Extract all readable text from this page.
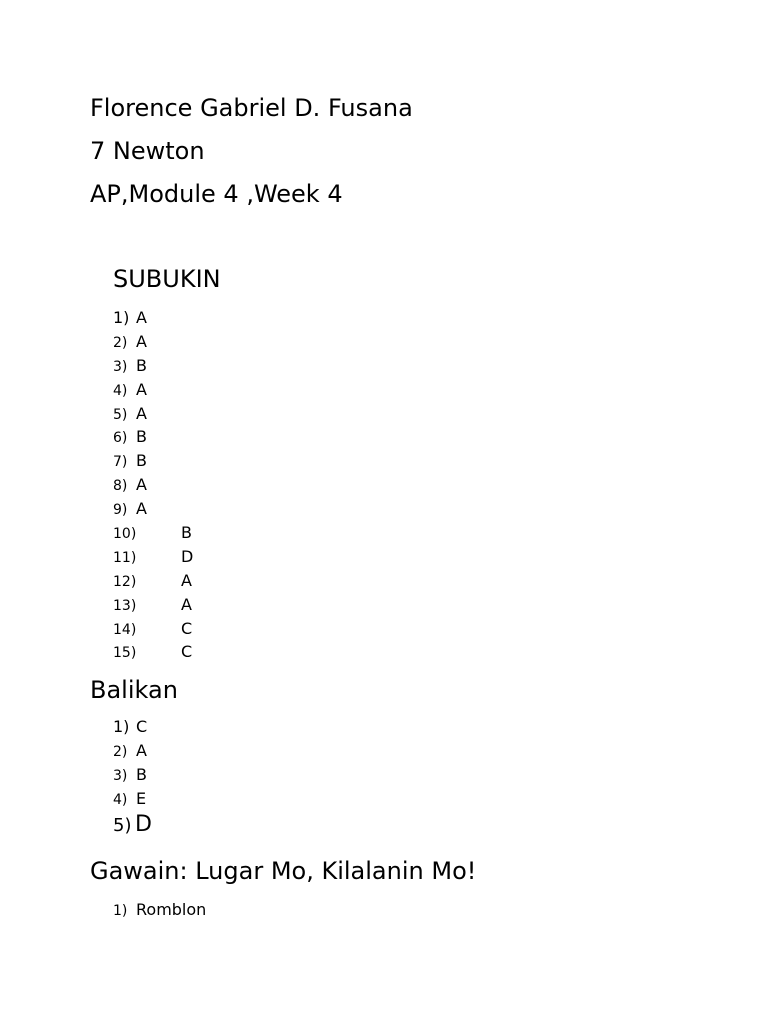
Florence Gabriel D. Fusana
7 Newton
AP,Module 4 ,Week 4
SUBUKIN
1) A
2) A
3) B
4) A
5) A
6) B
7) B
8) A
9) A
10)	B
11)	D
12)	A
13)	A
14)	C
15)	C
Balikan
1) C
2) A
3) B
4) E
5) D
Gawain: Lugar Mo, Kilalanin Mo!
1) Romblon
